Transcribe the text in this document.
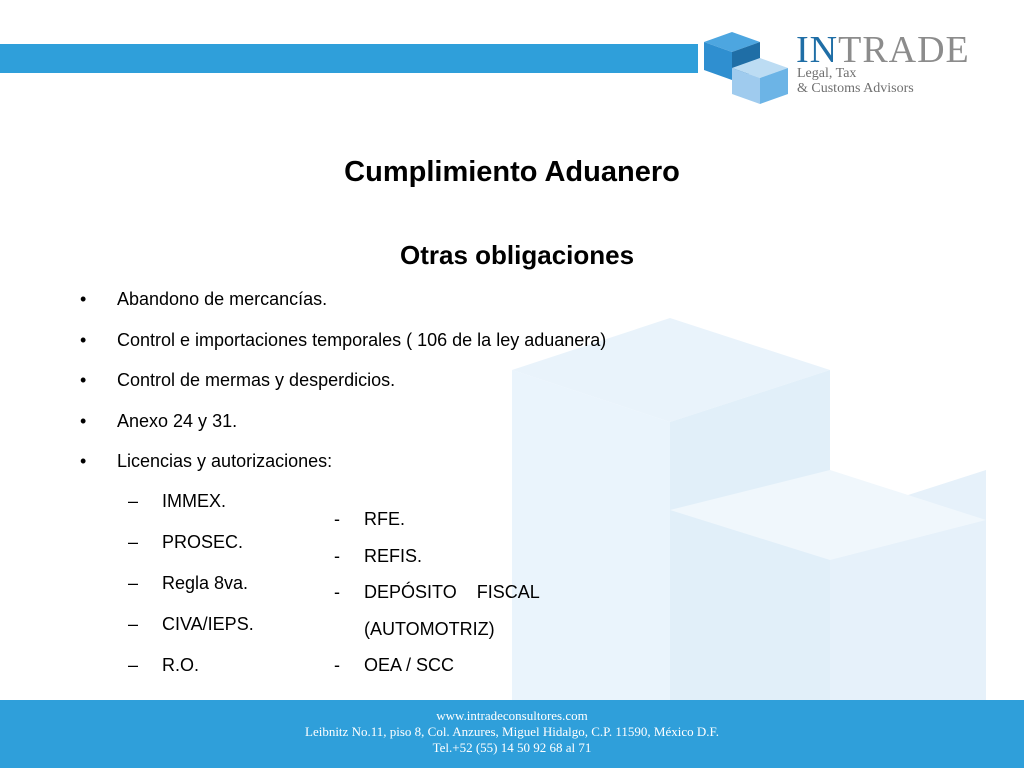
INTRADE
Legal, Tax
& Customs Advisors
Cumplimiento Aduanero
Otras obligaciones
• Abandono de mercancías.
• Control e importaciones temporales ( 106 de la ley aduanera)
• Control de mermas y desperdicios.
• Anexo 24 y 31.
• Licencias y autorizaciones:
– IMMEX.
– PROSEC.
– Regla 8va.
– CIVA/IEPS.
– R.O.
- RFE.
- REFIS.
- DEPÓSITO FISCAL
(AUTOMOTRIZ)
- OEA / SCC
www.intradeconsultores.com
Leibnitz No.11, piso 8, Col. Anzures, Miguel Hidalgo, C.P. 11590, México D.F.
Tel.+52 (55) 14 50 92 68 al 71
